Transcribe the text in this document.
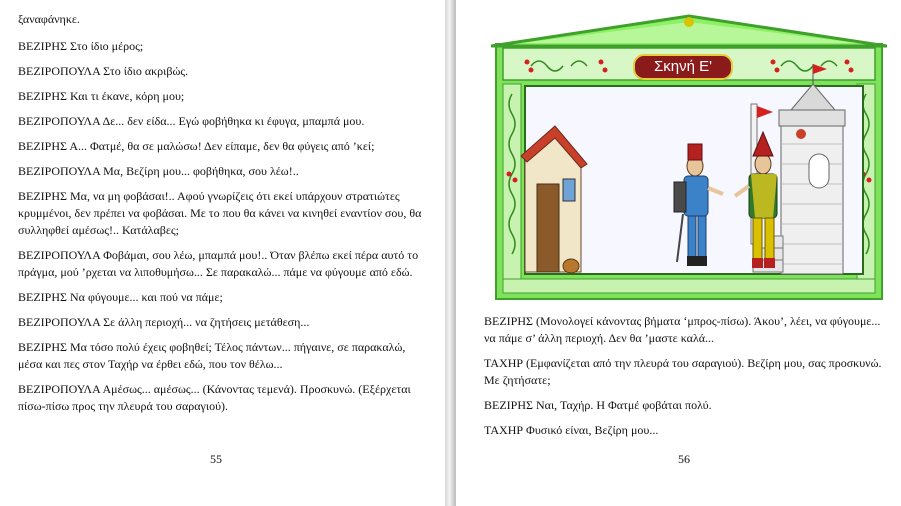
ξαναφάνηκε.

ΒΕΖΙΡΗΣ Στο ίδιο μέρος;

ΒΕΖΙΡΟΠΟΥΛΑ Στο ίδιο ακριβώς.

ΒΕΖΙΡΗΣ Και τι έκανε, κόρη μου;

ΒΕΖΙΡΟΠΟΥΛΑ Δε... δεν είδα... Εγώ φοβήθηκα κι έφυγα, μπαμπά μου.

ΒΕΖΙΡΗΣ Α... Φατμέ, θα σε μαλώσω! Δεν είπαμε, δεν θα φύγεις από ’κεί;

ΒΕΖΙΡΟΠΟΥΛΑ Μα, Βεζίρη μου... φοβήθηκα, σου λέω!..

ΒΕΖΙΡΗΣ Μα, να μη φοβάσαι!.. Αφού γνωρίζεις ότι εκεί υπάρχουν στρατιώτες κρυμμένοι, δεν πρέπει να φοβάσαι. Με το που θα κάνει να κινηθεί εναντίον σου, θα συλληφθεί αμέσως!.. Κατάλαβες;

ΒΕΖΙΡΟΠΟΥΛΑ Φοβάμαι, σου λέω, μπαμπά μου!.. Όταν βλέπω εκεί πέρα αυτό το πράγμα, μού ’ρχεται να λιποθυμήσω... Σε παρακαλώ... πάμε να φύγουμε από εδώ.

ΒΕΖΙΡΗΣ Να φύγουμε... και πού να πάμε;

ΒΕΖΙΡΟΠΟΥΛΑ Σε άλλη περιοχή... να ζητήσεις μετάθεση...

ΒΕΖΙΡΗΣ Μα τόσο πολύ έχεις φοβηθεί; Τέλος πάντων... πήγαινε, σε παρακαλώ, μέσα και πες στον Ταχήρ να έρθει εδώ, που τον θέλω...

ΒΕΖΙΡΟΠΟΥΛΑ Αμέσως... αμέσως... (Κάνοντας τεμενά). Προσκυνώ. (Εξέρχεται πίσω-πίσω προς την πλευρά του σαραγιού).

55
Σκηνή Ε'

ΒΕΖΙΡΗΣ (Μονολογεί κάνοντας βήματα ‘μπρος-πίσω). Άκου’, λέει, να φύγουμε... να πάμε σ’ άλλη περιοχή. Δεν θα ’μαστε καλά...

ΤΑΧΗΡ (Εμφανίζεται από την πλευρά του σαραγιού). Βεζίρη μου, σας προσκυνώ. Με ζητήσατε;

ΒΕΖΙΡΗΣ Ναι, Ταχήρ. Η Φατμέ φοβάται πολύ.

ΤΑΧΗΡ Φυσικό είναι, Βεζίρη μου...

56
